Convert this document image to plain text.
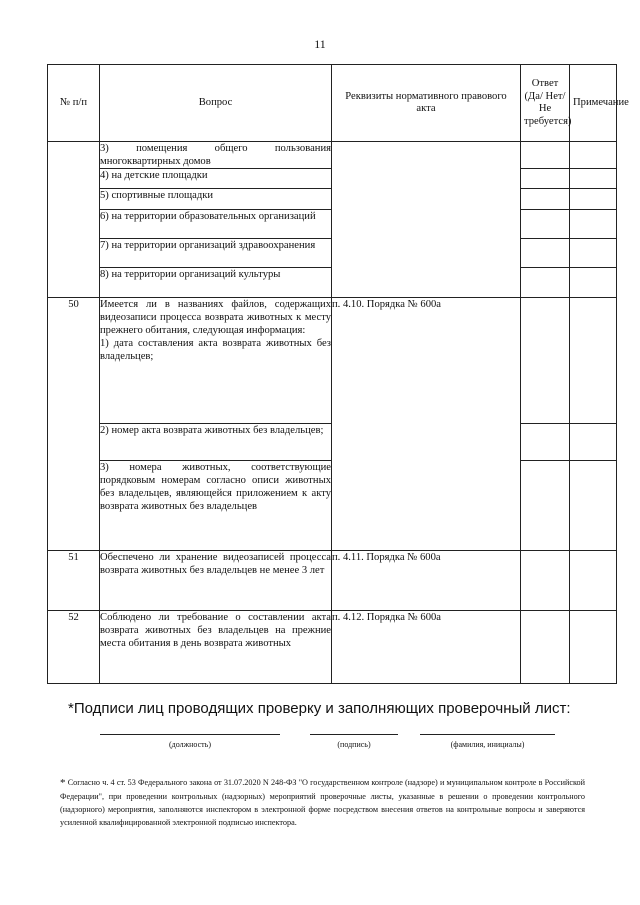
11
№ п/п	Вопрос	Реквизиты нормативного правового акта	Ответ (Да/ Нет/Не требуется)	Примечание
	3) помещения общего пользования многоквартирных домов			
	4) на детские площадки			
	5) спортивные площадки			
	6) на территории образовательных организаций			
	7) на территории организаций здравоохранения			
	8) на территории организаций культуры			
50	Имеется ли в названиях файлов, содержащих видеозаписи процесса возврата животных к месту прежнего обитания, следующая информация:
1) дата составления акта возврата животных без владельцев;	п. 4.10. Порядка № 600а		
	2) номер акта возврата животных без владельцев;			
	3) номера животных, соответствующие порядковым номерам согласно описи животных без владельцев, являющейся приложением к акту возврата животных без владельцев			
51	Обеспечено ли хранение видеозаписей процесса возврата животных без владельцев не менее 3 лет	п. 4.11. Порядка № 600а		
52	Соблюдено ли требование о составлении акта возврата животных без владельцев на прежние места обитания в день возврата животных	п. 4.12. Порядка № 600а		
*Подписи лиц проводящих проверку и заполняющих проверочный лист:
(должность)	(подпись)	(фамилия, инициалы)
* Согласно ч. 4 ст. 53 Федерального закона от 31.07.2020 N 248-ФЗ "О государственном контроле (надзоре) и муниципальном контроле в Российской Федерации", при проведении контрольных (надзорных) мероприятий проверочные листы, указанные в решении о проведении контрольного (надзорного) мероприятия, заполняются инспектором в электронной форме посредством внесения ответов на контрольные вопросы и заверяются усиленной квалифицированной электронной подписью инспектора.
